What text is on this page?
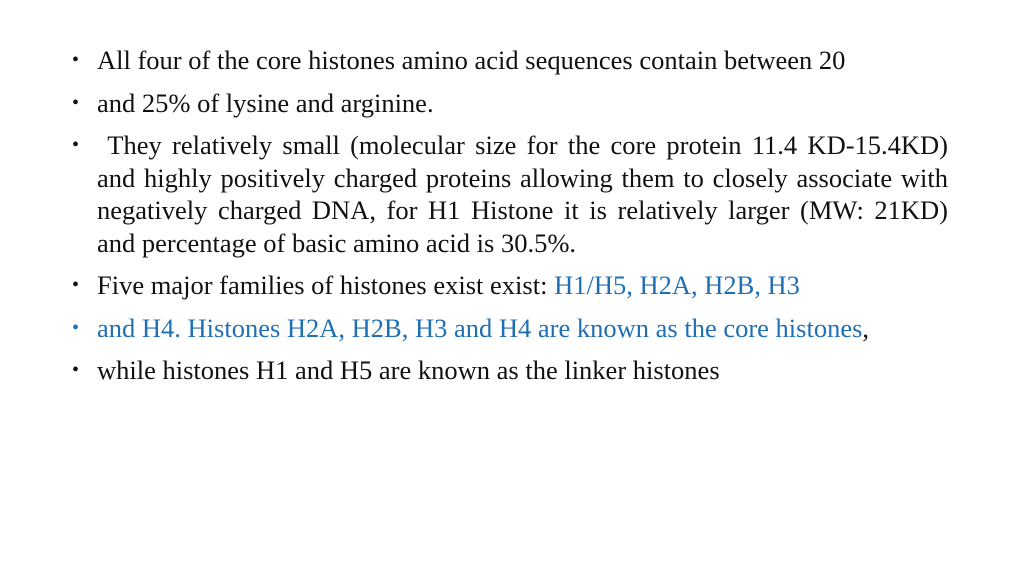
• All four of the core histones amino acid sequences contain between 20
• and 25% of lysine and arginine.
• They relatively small (molecular size for the core protein 11.4 KD-15.4KD) and highly positively charged proteins allowing them to closely associate with negatively charged DNA, for H1 Histone it is relatively larger (MW: 21KD) and percentage of basic amino acid is 30.5%.
• Five major families of histones exist exist: H1/H5, H2A, H2B, H3
• and H4. Histones H2A, H2B, H3 and H4 are known as the core histones,
• while histones H1 and H5 are known as the linker histones
